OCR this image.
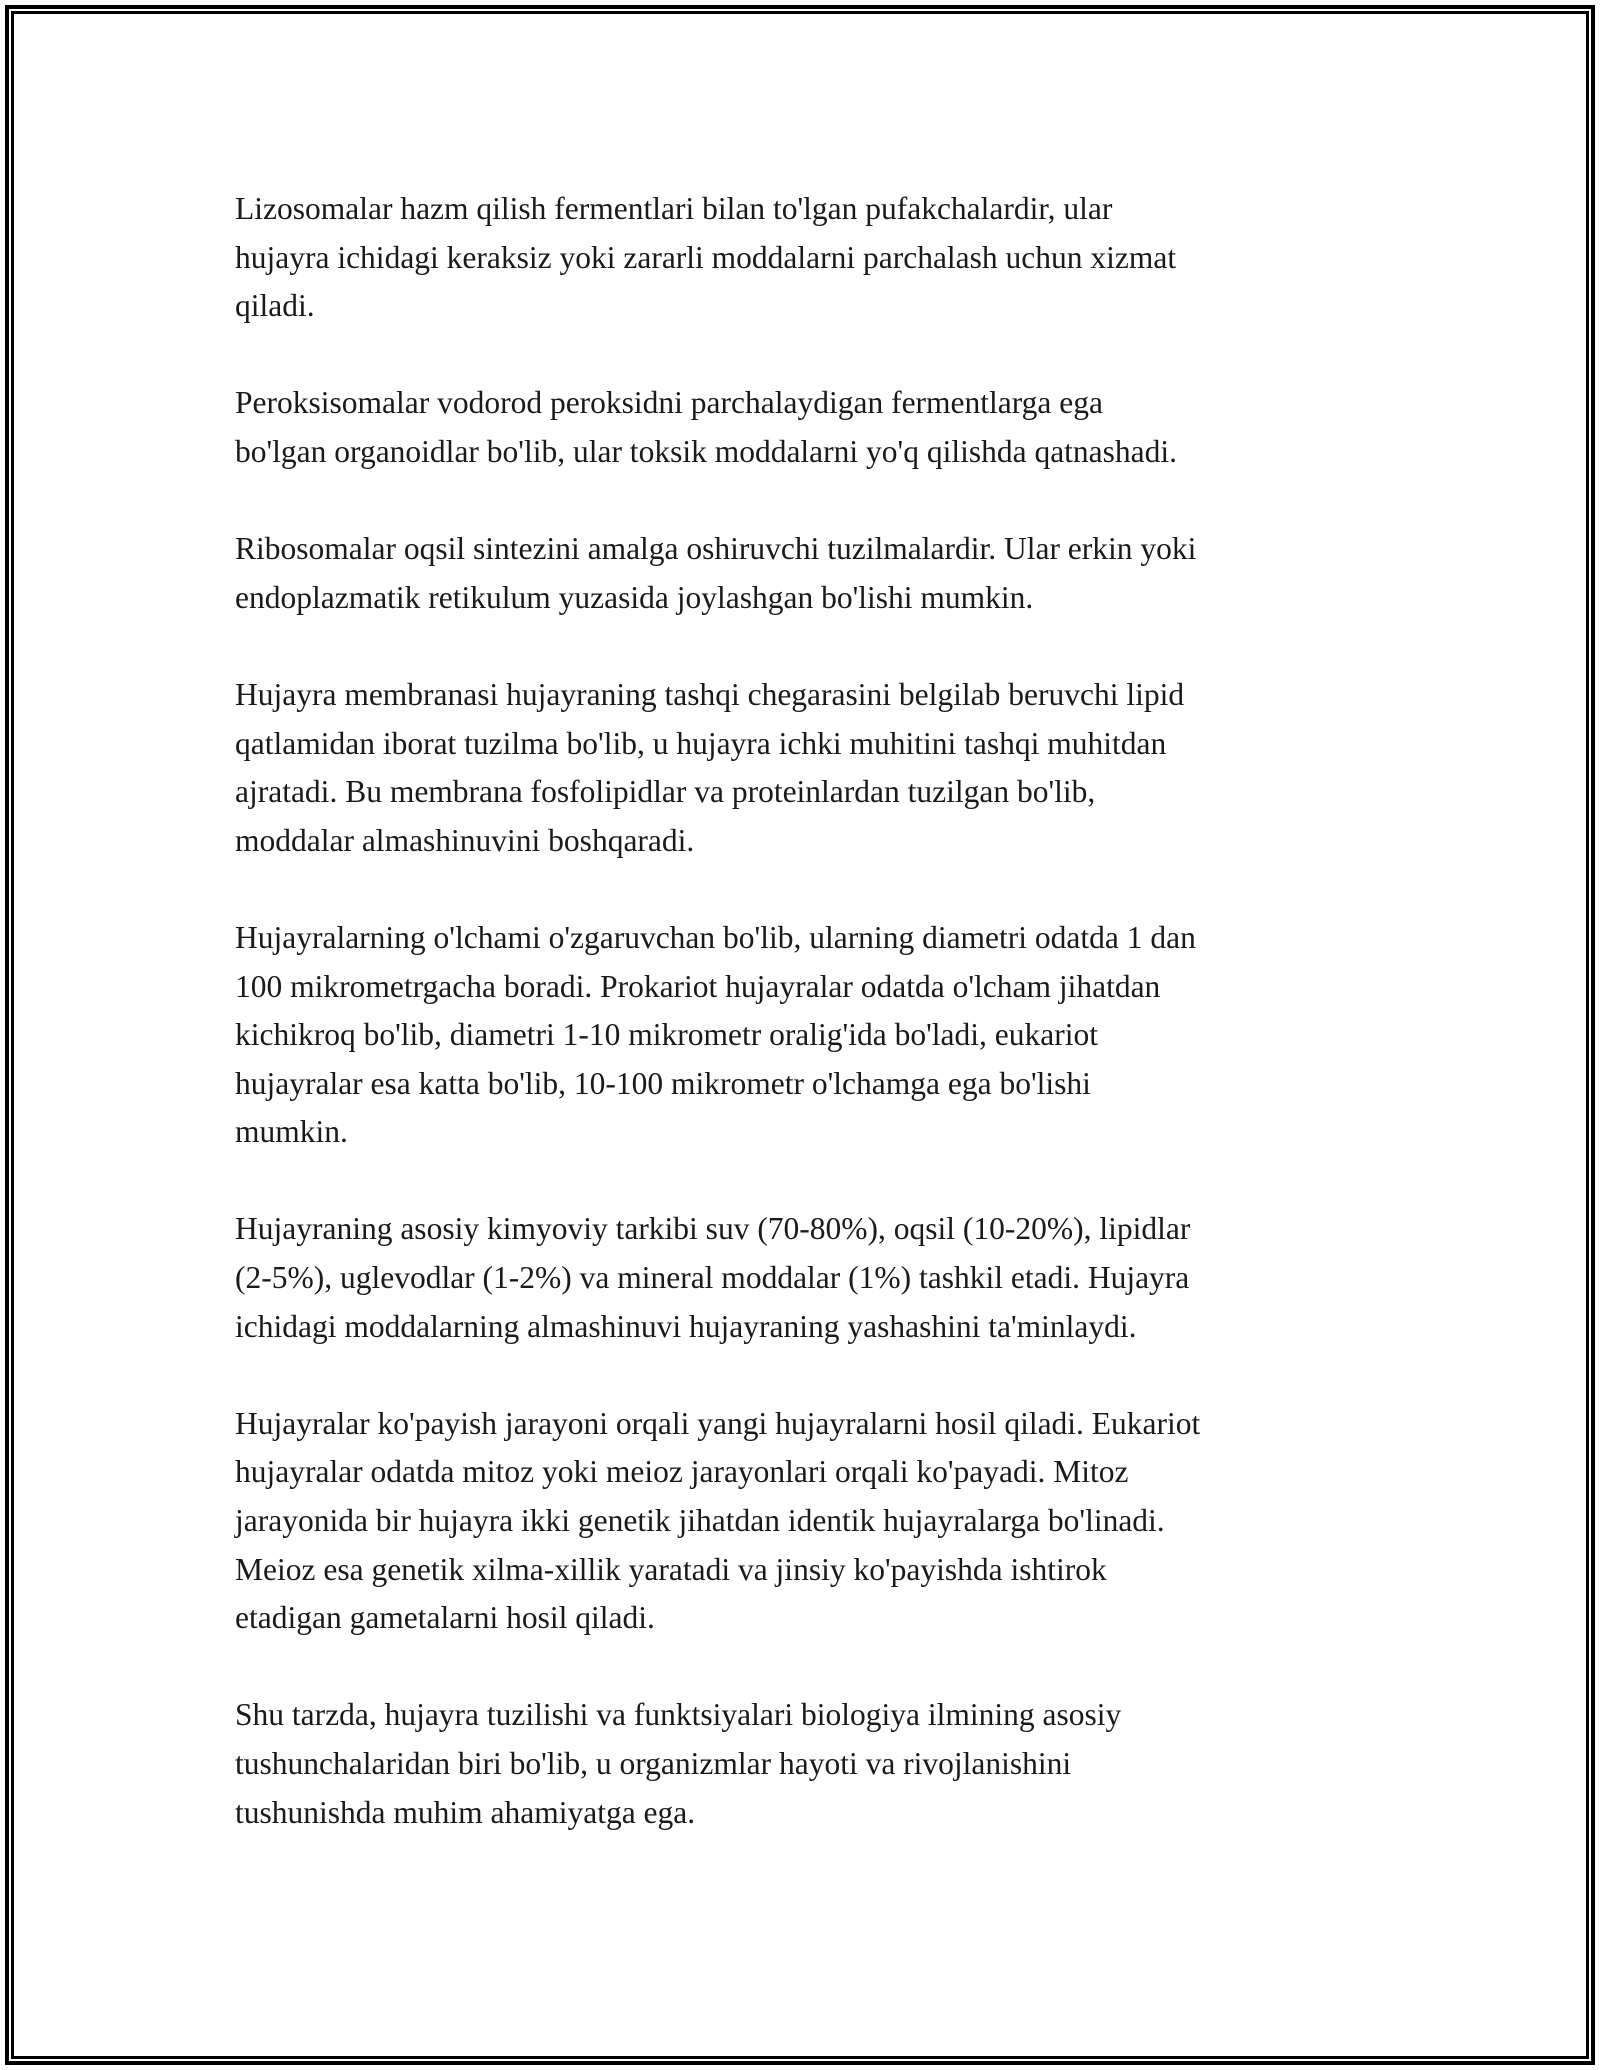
Lizosomalar hazm qilish fermentlari bilan to'lgan pufakchalardir, ular
hujayra ichidagi keraksiz yoki zararli moddalarni parchalash uchun xizmat
qiladi.

Peroksisomalar vodorod peroksidni parchalaydigan fermentlarga ega
bo'lgan organoidlar bo'lib, ular toksik moddalarni yo'q qilishda qatnashadi.

Ribosomalar oqsil sintezini amalga oshiruvchi tuzilmalardir. Ular erkin yoki
endoplazmatik retikulum yuzasida joylashgan bo'lishi mumkin.

Hujayra membranasi hujayraning tashqi chegarasini belgilab beruvchi lipid
qatlamidan iborat tuzilma bo'lib, u hujayra ichki muhitini tashqi muhitdan
ajratadi. Bu membrana fosfolipidlar va proteinlardan tuzilgan bo'lib,
moddalar almashinuvini boshqaradi.

Hujayralarning o'lchami o'zgaruvchan bo'lib, ularning diametri odatda 1 dan
100 mikrometrgacha boradi. Prokariot hujayralar odatda o'lcham jihatdan
kichikroq bo'lib, diametri 1-10 mikrometr oralig'ida bo'ladi, eukariot
hujayralar esa katta bo'lib, 10-100 mikrometr o'lchamga ega bo'lishi
mumkin.

Hujayraning asosiy kimyoviy tarkibi suv (70-80%), oqsil (10-20%), lipidlar
(2-5%), uglevodlar (1-2%) va mineral moddalar (1%) tashkil etadi. Hujayra
ichidagi moddalarning almashinuvi hujayraning yashashini ta'minlaydi.

Hujayralar ko'payish jarayoni orqali yangi hujayralarni hosil qiladi. Eukariot
hujayralar odatda mitoz yoki meioz jarayonlari orqali ko'payadi. Mitoz
jarayonida bir hujayra ikki genetik jihatdan identik hujayralarga bo'linadi.
Meioz esa genetik xilma-xillik yaratadi va jinsiy ko'payishda ishtirok
etadigan gametalarni hosil qiladi.

Shu tarzda, hujayra tuzilishi va funktsiyalari biologiya ilmining asosiy
tushunchalaridan biri bo'lib, u organizmlar hayoti va rivojlanishini
tushunishda muhim ahamiyatga ega.
